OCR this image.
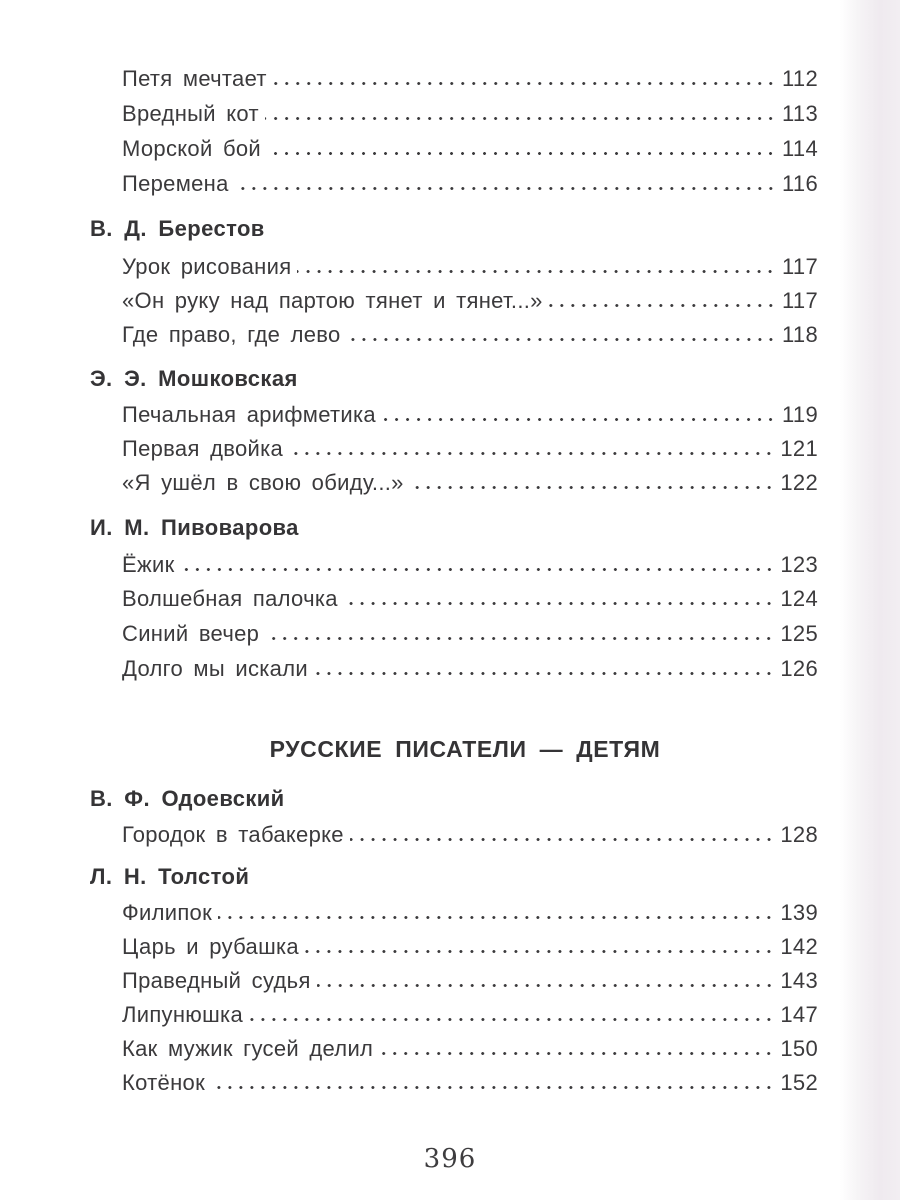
Петя мечтает	112
Вредный кот	113
Морской бой	114
Перемена	116
В. Д. Берестов
Урок рисования	117
«Он руку над партою тянет и тянет...»	117
Где право, где лево	118
Э. Э. Мошковская
Печальная арифметика	119
Первая двойка	121
«Я ушёл в свою обиду...»	122
И. М. Пивоварова
Ёжик	123
Волшебная палочка	124
Синий вечер	125
Долго мы искали	126
РУССКИЕ ПИСАТЕЛИ — ДЕТЯМ
В. Ф. Одоевский
Городок в табакерке	128
Л. Н. Толстой
Филипок	139
Царь и рубашка	142
Праведный судья	143
Липунюшка	147
Как мужик гусей делил	150
Котёнок	152
396
